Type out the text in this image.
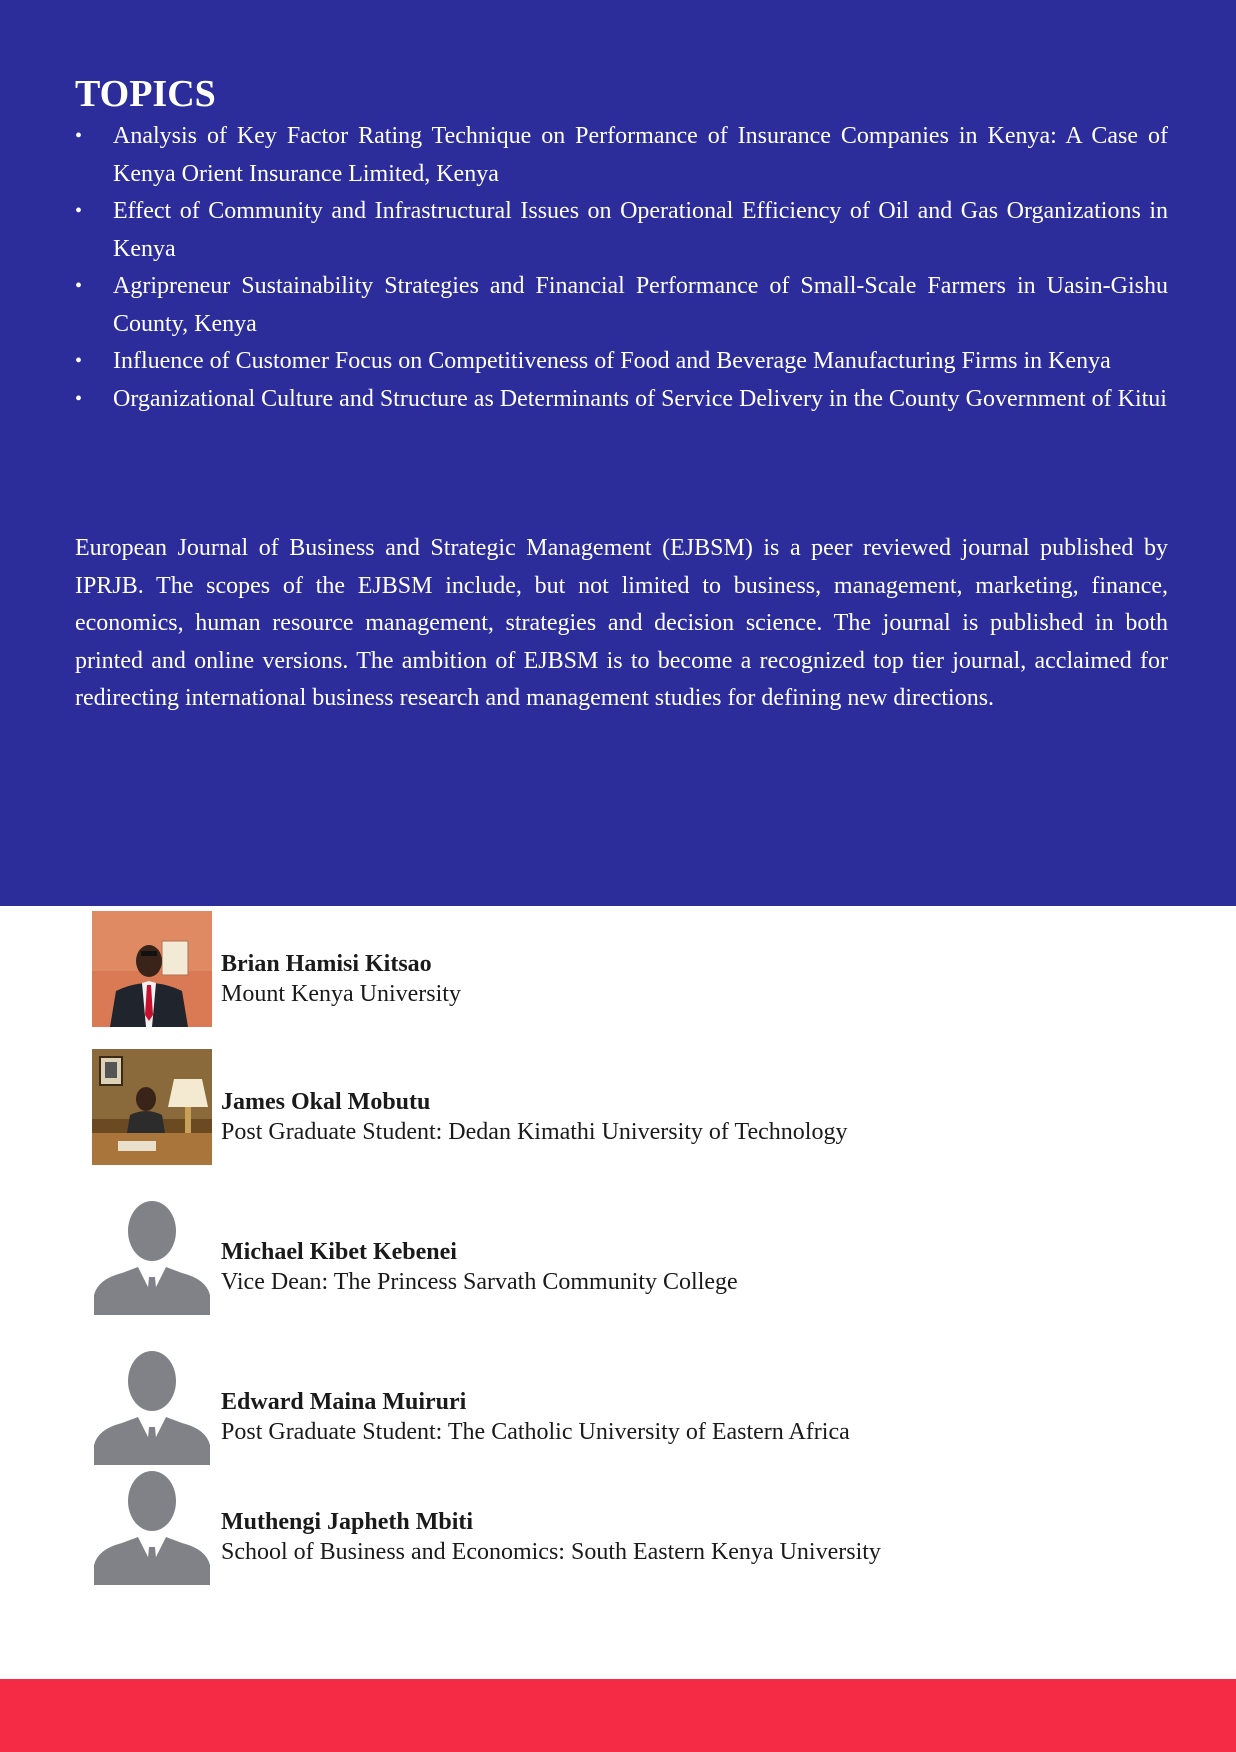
TOPICS
• Analysis of Key Factor Rating Technique on Performance of Insurance Companies in Kenya: A Case of Kenya Orient Insurance Limited, Kenya
• Effect of Community and Infrastructural Issues on Operational Efficiency of Oil and Gas Organizations in Kenya
• Agripreneur Sustainability Strategies and Financial Performance of Small-Scale Farmers in Uasin-Gishu County, Kenya
• Influence of Customer Focus on Competitiveness of Food and Beverage Manufacturing Firms in Kenya
• Organizational Culture and Structure as Determinants of Service Delivery in the County Government of Kitui

European Journal of Business and Strategic Management (EJBSM) is a peer reviewed journal published by IPRJB. The scopes of the EJBSM include, but not limited to business, management, marketing, finance, economics, human resource management, strategies and decision science. The journal is published in both printed and online versions. The ambition of EJBSM is to become a recognized top tier journal, acclaimed for redirecting international business research and management studies for defining new directions.

Brian Hamisi Kitsao
Mount Kenya University
James Okal Mobutu
Post Graduate Student: Dedan Kimathi University of Technology
Michael Kibet Kebenei
Vice Dean: The Princess Sarvath Community College
Edward Maina Muiruri
Post Graduate Student: The Catholic University of Eastern Africa
Muthengi Japheth Mbiti
School of Business and Economics: South Eastern Kenya University
